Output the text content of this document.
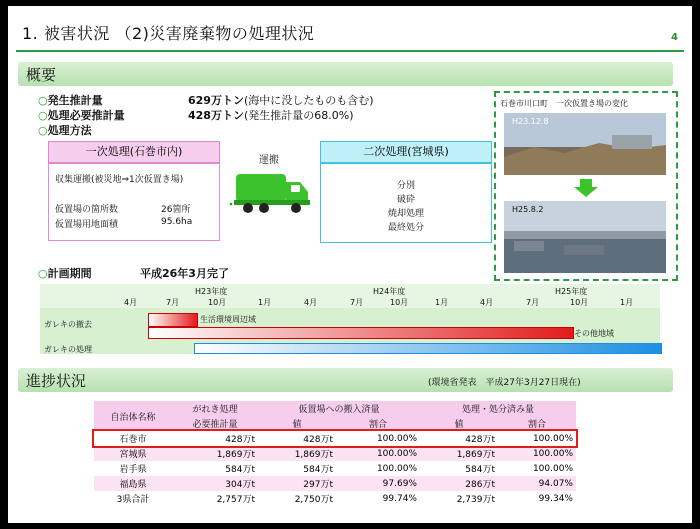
1. 被害状況 （2)災害廃棄物の処理状況	4
概要
○発生推計量	629万トン(海中に没したものも含む)
○処理必要推計量	428万トン(発生推計量の68.0%)
○処理方法
一次処理(石巻市内)
収集運搬(被災地⇒1次仮置き場)
仮置場の箇所数	26箇所
仮置場用地面積	95.6ha
運搬
二次処理(宮城県)
分別
破砕
焼却処理
最終処分
石巻市川口町　一次仮置き場の変化
H23.12.8
H25.8.2
○計画期間	平成26年3月完了
H23年度	H24年度	H25年度
4月	7月	10月	1月	4月	7月	10月	1月	4月	7月	10月	1月
ガレキの撤去
生活環境周辺域
その他地域
ガレキの処理
進捗状況	(環境省発表　平成27年3月27日現在)
自治体名称	がれき処理	仮置場への搬入済量		処理・処分済み量	
	必要推計量	値	割合	値	割合
石巻市	428万t	428万t	100.00%	428万t	100.00%
宮城県	1,869万t	1,869万t	100.00%	1,869万t	100.00%
岩手県	584万t	584万t	100.00%	584万t	100.00%
福島県	304万t	297万t	97.69%	286万t	94.07%
3県合計	2,757万t	2,750万t	99.74%	2,739万t	99.34%
